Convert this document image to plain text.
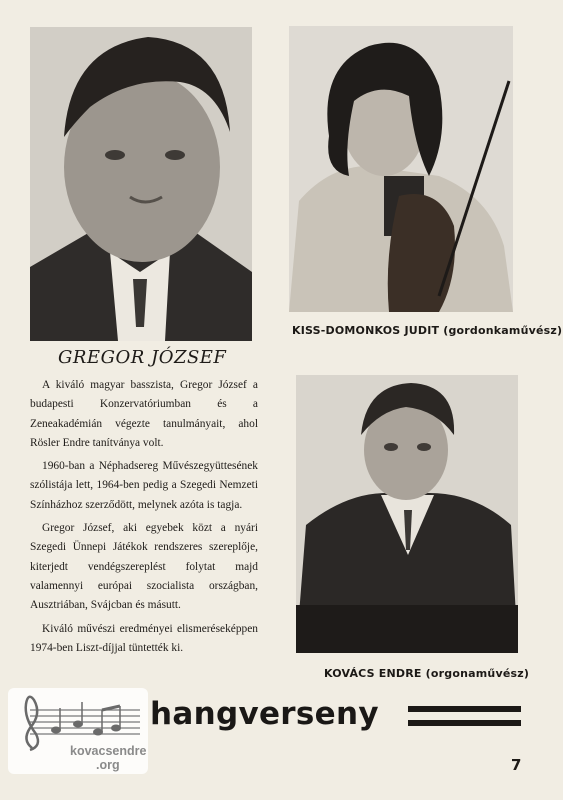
KISS-DOMONKOS JUDIT (gordonkaművész)
KOVÁCS ENDRE (orgonaművész)
GREGOR JÓZSEF

A kiváló magyar basszista, Gregor József a budapesti Konzervatóriumban és a Zeneakadémián végezte tanulmányait, ahol Rösler Endre tanítványa volt.

1960-ban a Néphadsereg Művészegyüttesének szólistája lett, 1964-ben pedig a Szegedi Nemzeti Színházhoz szerződött, melynek azóta is tagja.

Gregor József, aki egyebek közt a nyári Szegedi Ünnepi Játékok rendszeres szereplője, kiterjedt vendégszereplést folytat majd valamennyi európai szocialista országban, Ausztriában, Svájcban és másutt.

Kiváló művészi eredményei elismeréseképpen 1974-ben Liszt-díjjal tüntették ki.

hangverseny
7
kovacsendre
.org
